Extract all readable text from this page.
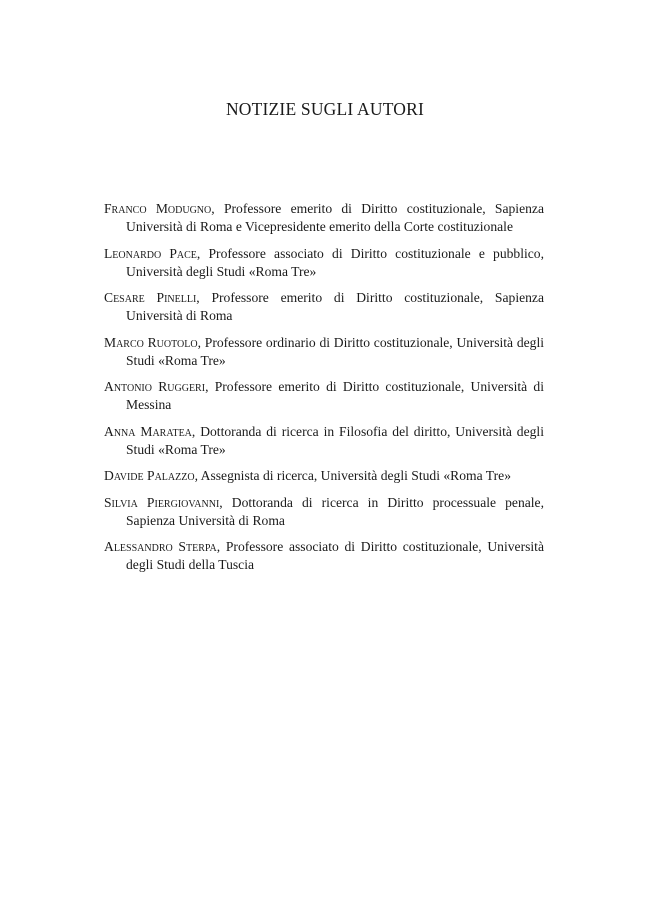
NOTIZIE SUGLI AUTORI
Franco Modugno, Professore emerito di Diritto costituzionale, Sapienza Università di Roma e Vicepresidente emerito della Corte costituzionale
Leonardo Pace, Professore associato di Diritto costituzionale e pubblico, Università degli Studi «Roma Tre»
Cesare Pinelli, Professore emerito di Diritto costituzionale, Sapienza Università di Roma
Marco Ruotolo, Professore ordinario di Diritto costituzionale, Università degli Studi «Roma Tre»
Antonio Ruggeri, Professore emerito di Diritto costituzionale, Università di Messina
Anna Maratea, Dottoranda di ricerca in Filosofia del diritto, Università degli Studi «Roma Tre»
Davide Palazzo, Assegnista di ricerca, Università degli Studi «Roma Tre»
Silvia Piergiovanni, Dottoranda di ricerca in Diritto processuale penale, Sapienza Università di Roma
Alessandro Sterpa, Professore associato di Diritto costituzionale, Università degli Studi della Tuscia
